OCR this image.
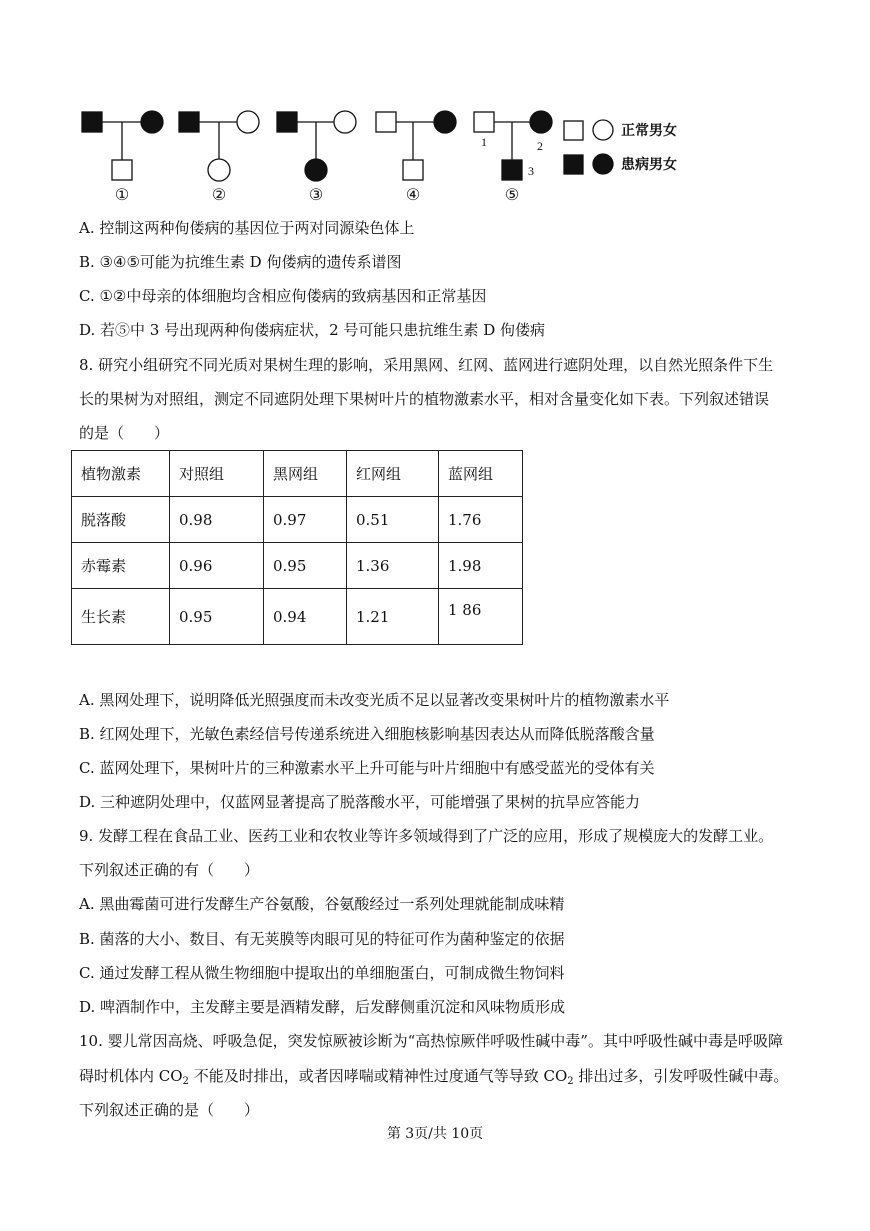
①	②	③	④	⑤
1	2
3
正常男女
患病男女
A. 控制这两种佝偻病的基因位于两对同源染色体上
B. ③④⑤可能为抗维生素 D 佝偻病的遗传系谱图
C. ①②中母亲的体细胞均含相应佝偻病的致病基因和正常基因
D. 若⑤中 3 号出现两种佝偻病症状，2 号可能只患抗维生素 D 佝偻病
8. 研究小组研究不同光质对果树生理的影响，采用黑网、红网、蓝网进行遮阴处理，以自然光照条件下生
长的果树为对照组，测定不同遮阴处理下果树叶片的植物激素水平，相对含量变化如下表。下列叙述错误
的是（　　）
植物激素	对照组	黑网组	红网组	蓝网组
脱落酸	0.98	0.97	0.51	1.76
赤霉素	0.96	0.95	1.36	1.98
生长素	0.95	0.94	1.21	1 86
A. 黑网处理下，说明降低光照强度而未改变光质不足以显著改变果树叶片的植物激素水平
B. 红网处理下，光敏色素经信号传递系统进入细胞核影响基因表达从而降低脱落酸含量
C. 蓝网处理下，果树叶片的三种激素水平上升可能与叶片细胞中有感受蓝光的受体有关
D. 三种遮阴处理中，仅蓝网显著提高了脱落酸水平，可能增强了果树的抗旱应答能力
9. 发酵工程在食品工业、医药工业和农牧业等许多领域得到了广泛的应用，形成了规模庞大的发酵工业。
下列叙述正确的有（　　）
A. 黑曲霉菌可进行发酵生产谷氨酸，谷氨酸经过一系列处理就能制成味精
B. 菌落的大小、数目、有无荚膜等肉眼可见的特征可作为菌种鉴定的依据
C. 通过发酵工程从微生物细胞中提取出的单细胞蛋白，可制成微生物饲料
D. 啤酒制作中，主发酵主要是酒精发酵，后发酵侧重沉淀和风味物质形成
10. 婴儿常因高烧、呼吸急促，突发惊厥被诊断为“高热惊厥伴呼吸性碱中毒”。其中呼吸性碱中毒是呼吸障
碍时机体内 $CO_2$ 不能及时排出，或者因哮喘或精神性过度通气等导致 $CO_2$ 排出过多，引发呼吸性碱中毒。
下列叙述正确的是（　　）
第 3页/共 10页
